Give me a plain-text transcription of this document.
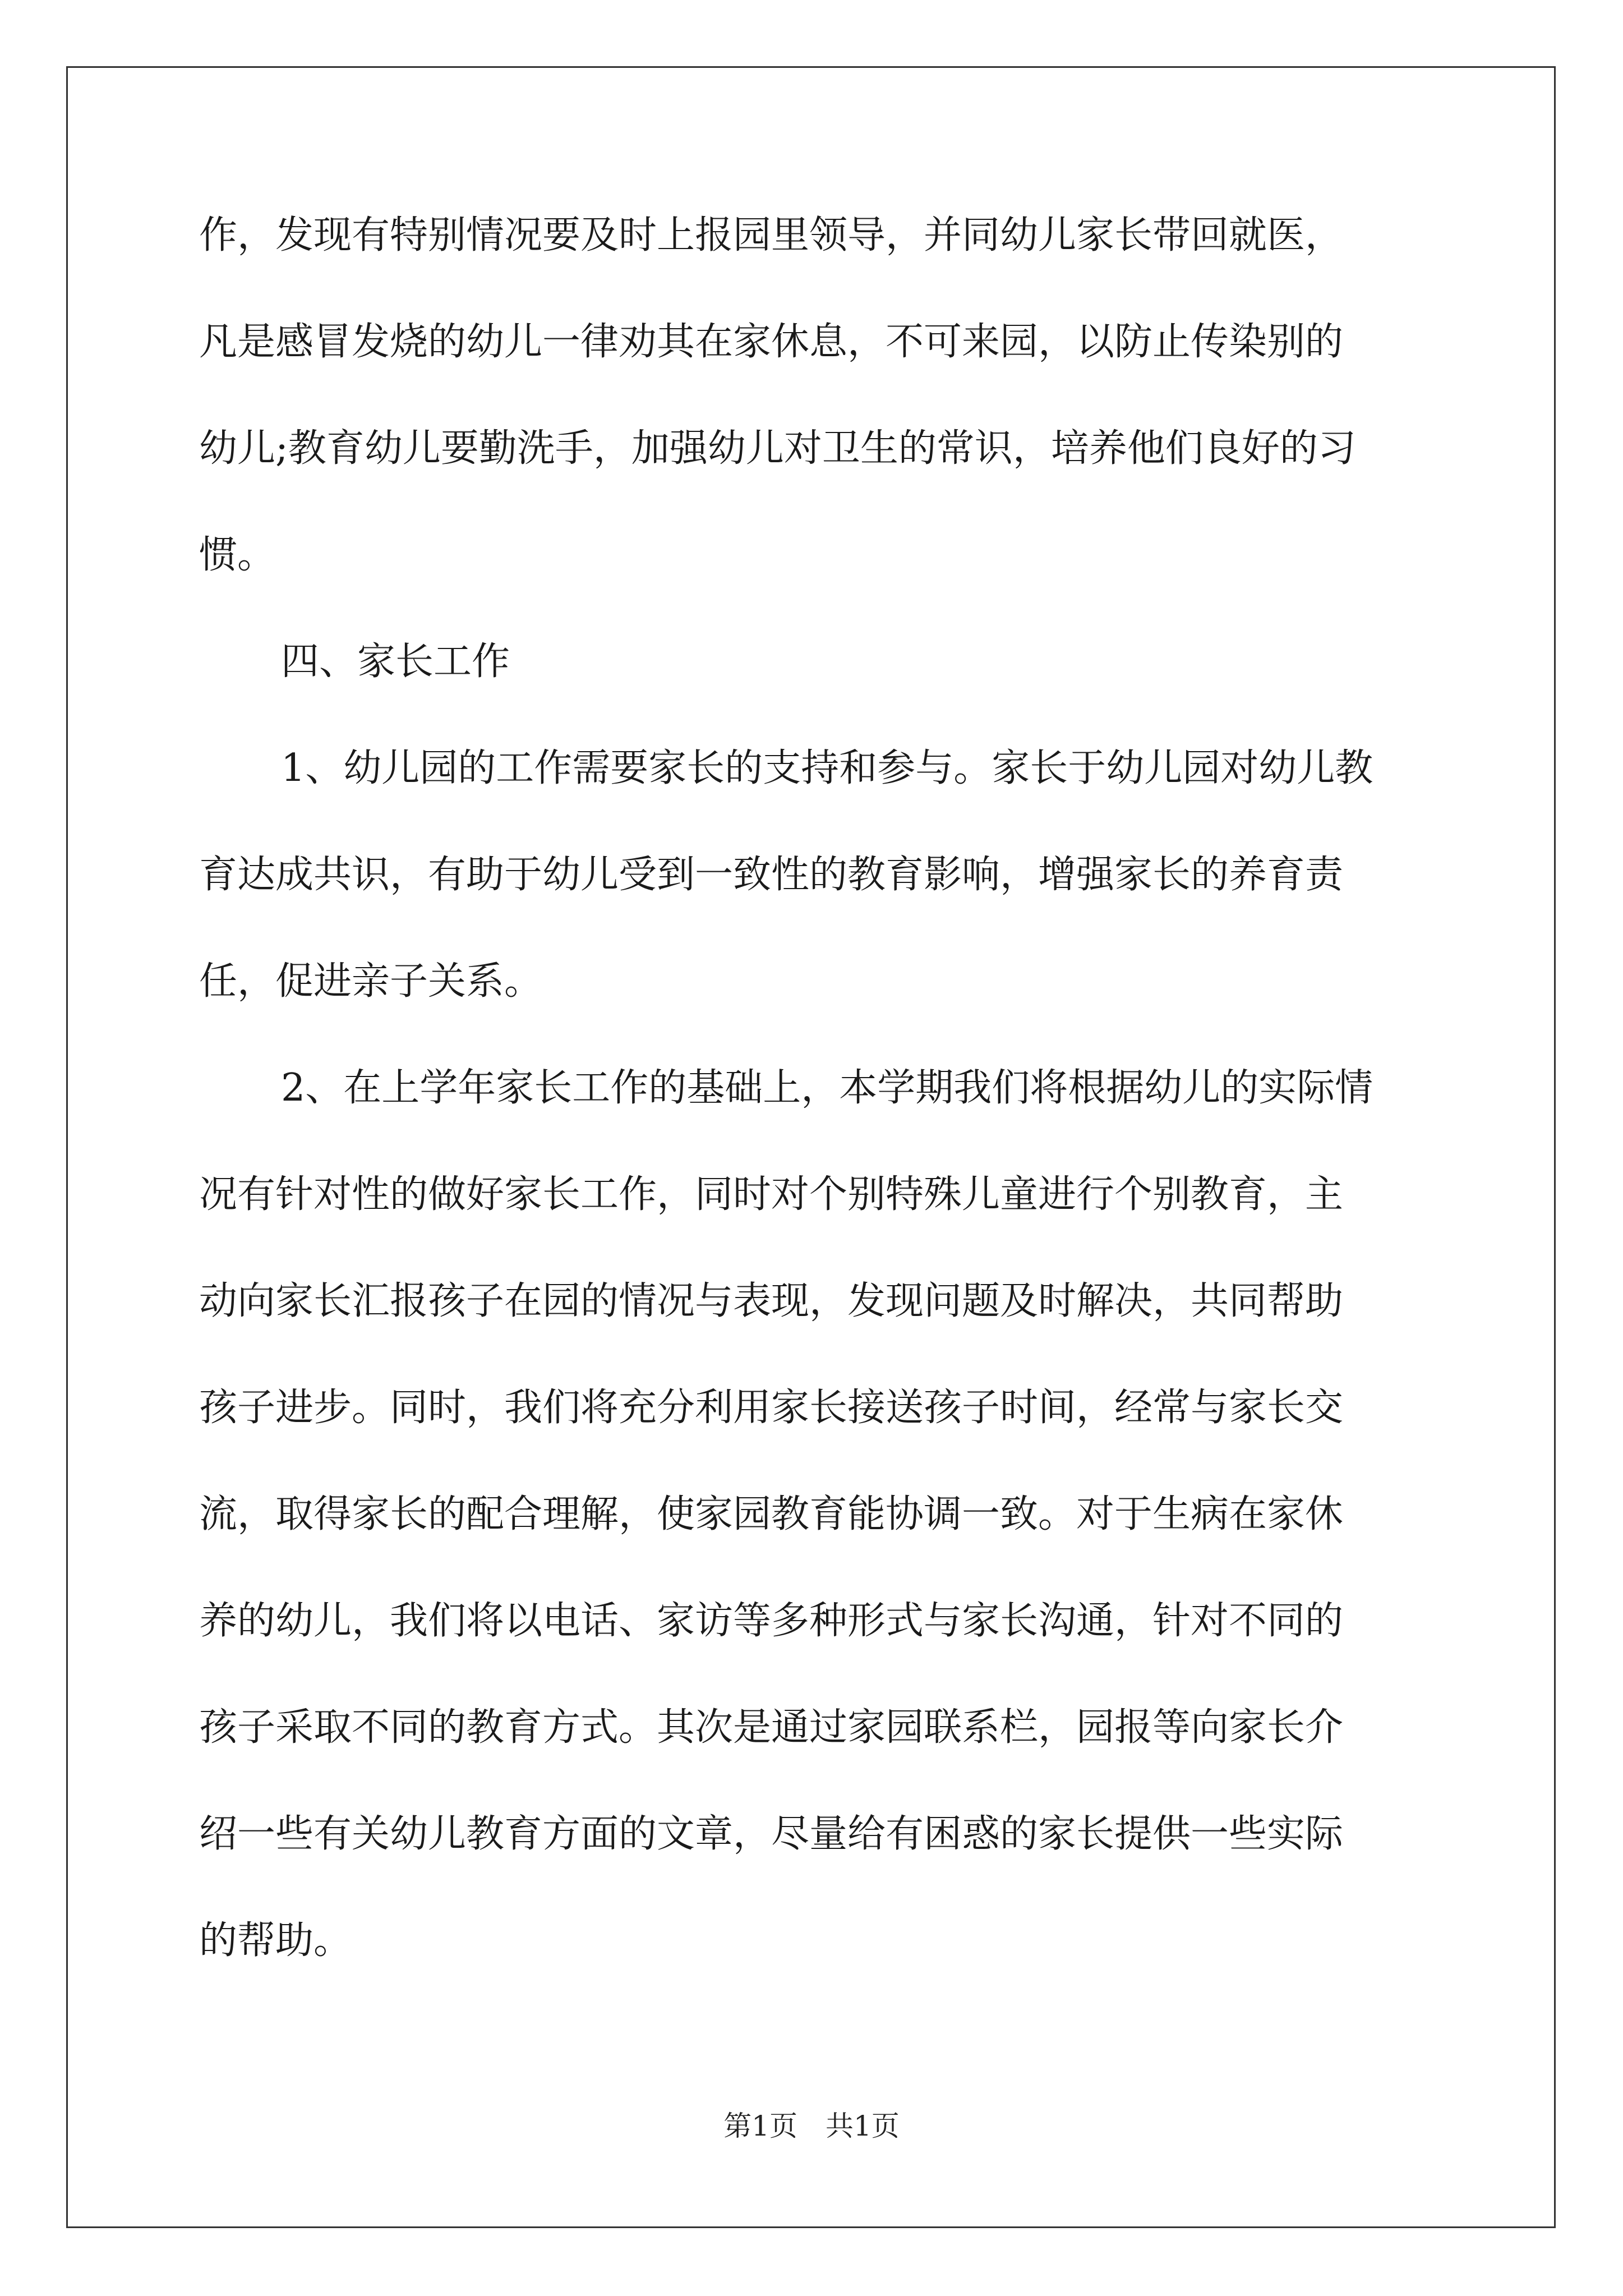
作，发现有特别情况要及时上报园里领导，并同幼儿家长带回就医，
凡是感冒发烧的幼儿一律劝其在家休息，不可来园，以防止传染别的
幼儿;教育幼儿要勤洗手，加强幼儿对卫生的常识，培养他们良好的习
惯。
四、家长工作
1、幼儿园的工作需要家长的支持和参与。家长于幼儿园对幼儿教
育达成共识，有助于幼儿受到一致性的教育影响，增强家长的养育责
任，促进亲子关系。
2、在上学年家长工作的基础上，本学期我们将根据幼儿的实际情
况有针对性的做好家长工作，同时对个别特殊儿童进行个别教育，主
动向家长汇报孩子在园的情况与表现，发现问题及时解决，共同帮助
孩子进步。同时，我们将充分利用家长接送孩子时间，经常与家长交
流，取得家长的配合理解，使家园教育能协调一致。对于生病在家休
养的幼儿，我们将以电话、家访等多种形式与家长沟通，针对不同的
孩子采取不同的教育方式。其次是通过家园联系栏，园报等向家长介
绍一些有关幼儿教育方面的文章，尽量给有困惑的家长提供一些实际
的帮助。
第1页　共1页
